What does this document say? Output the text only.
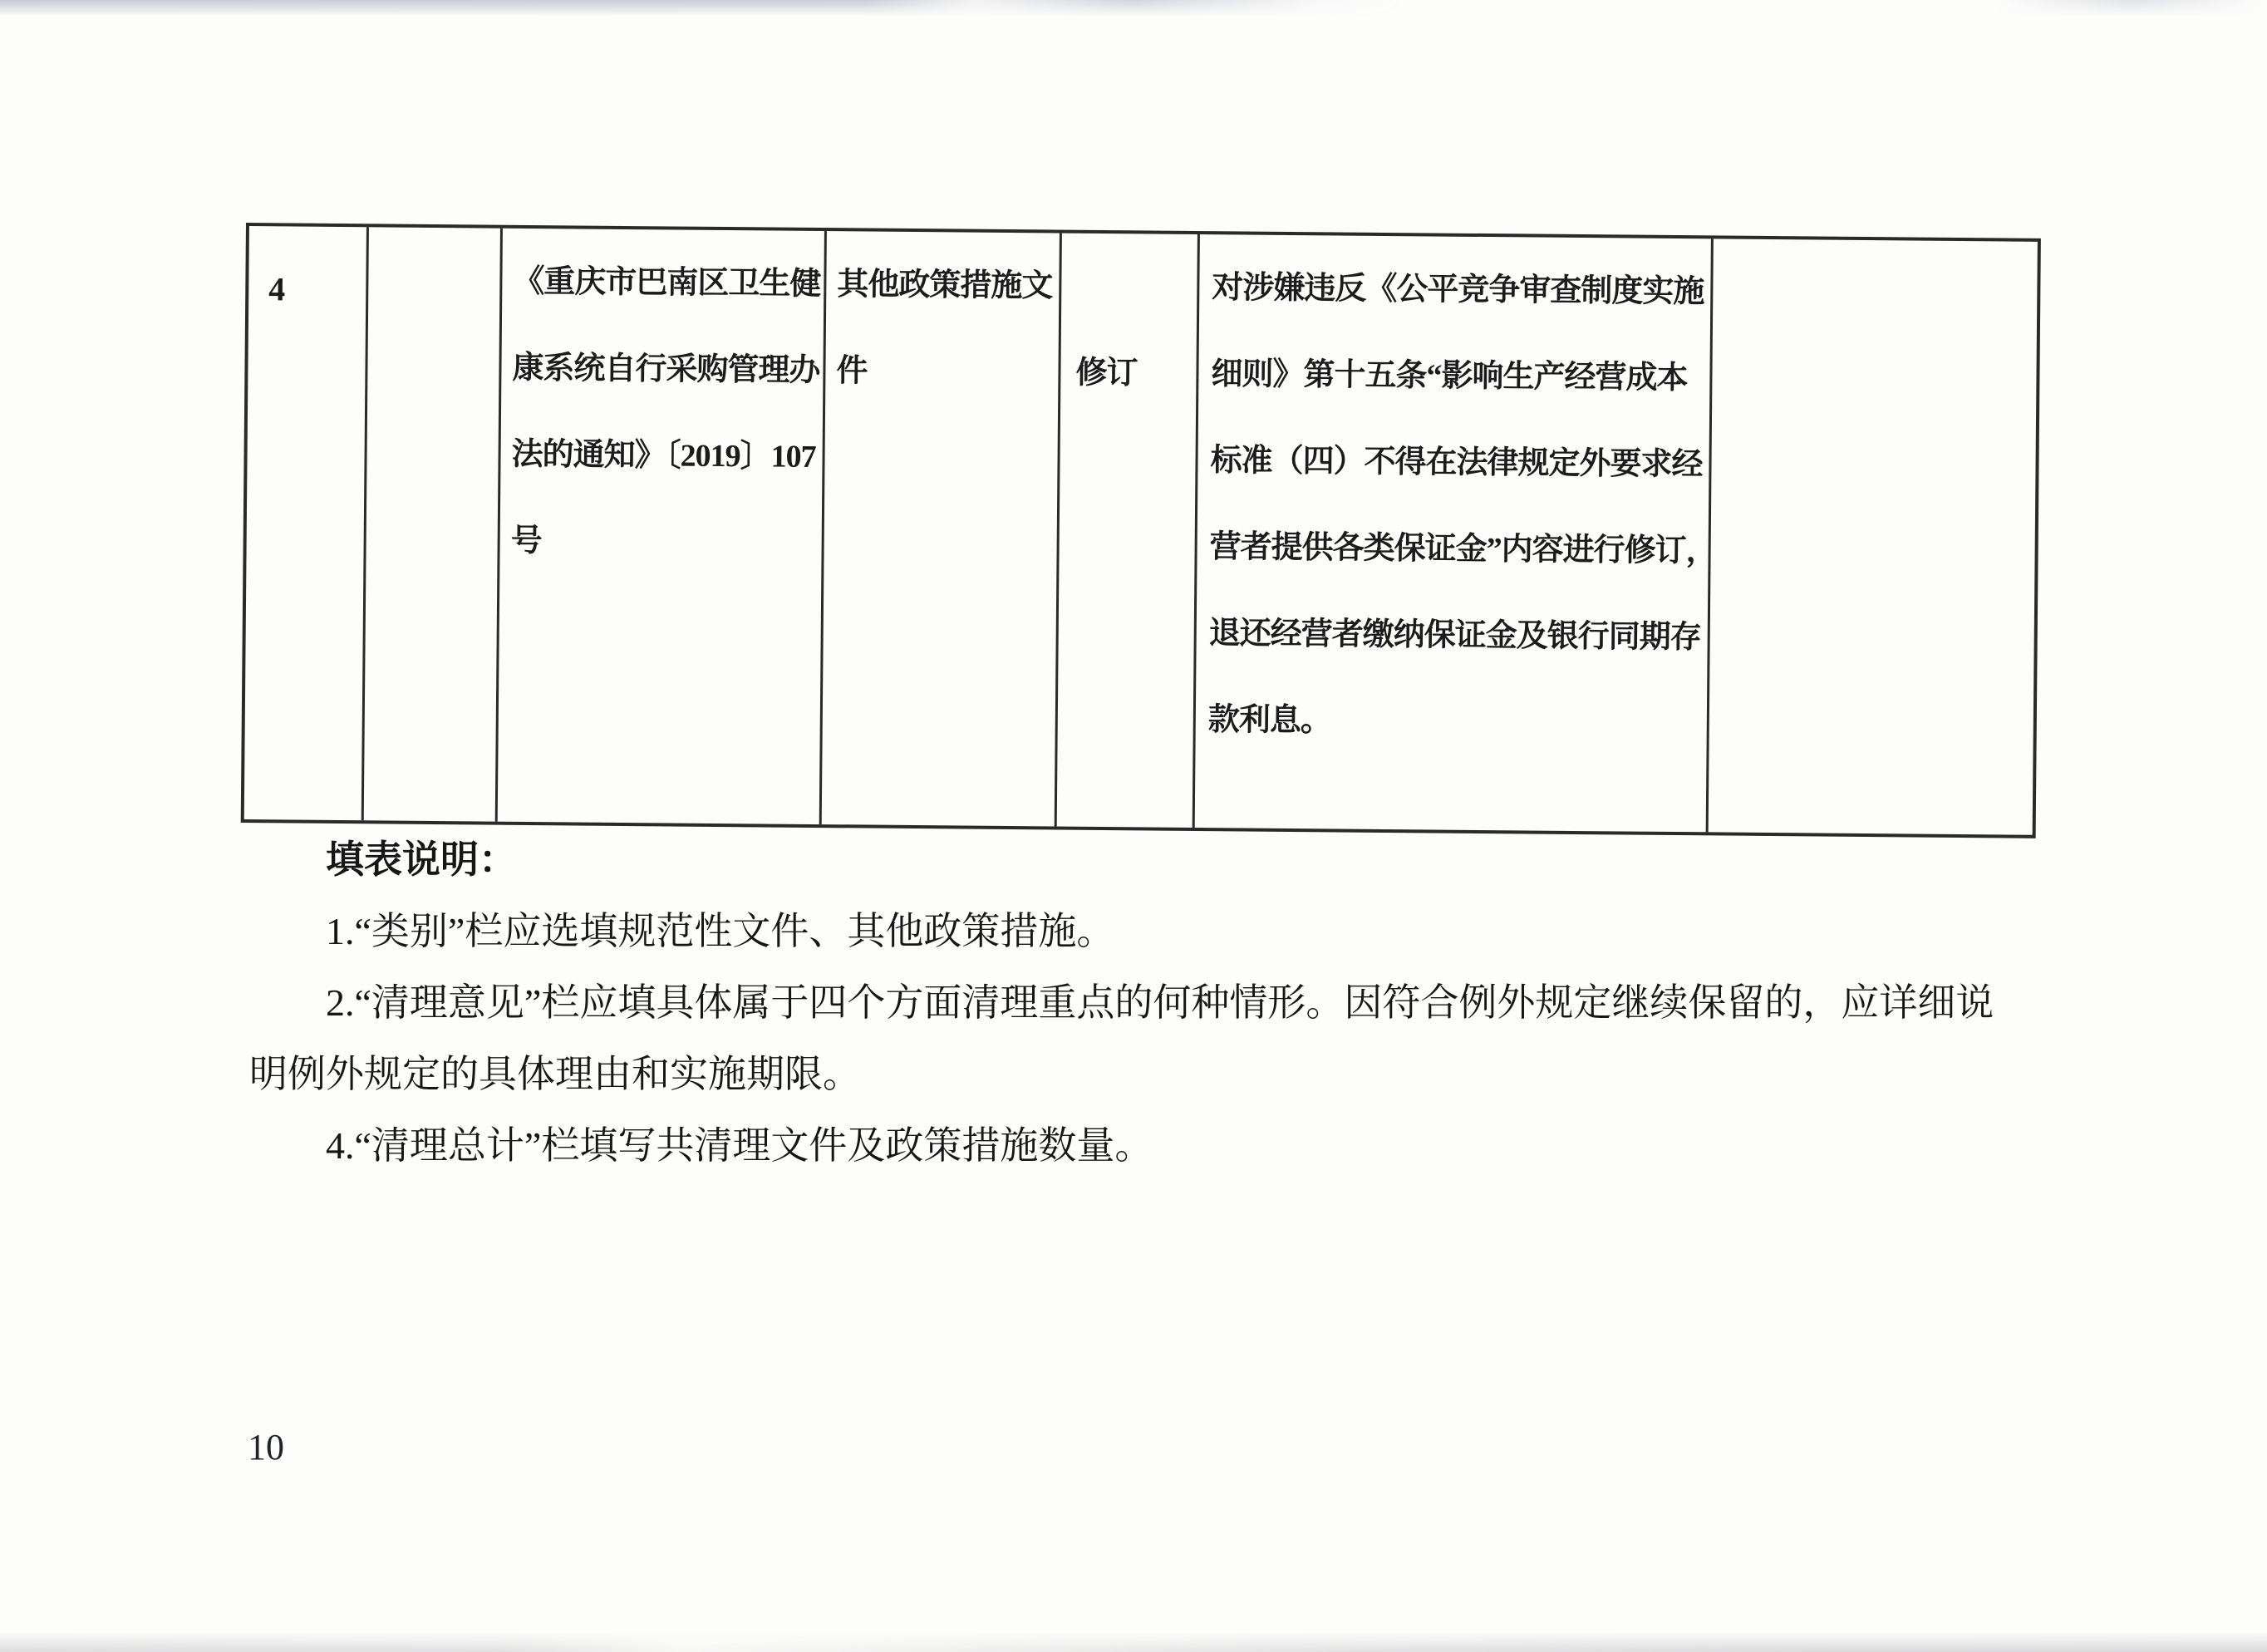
4	《重庆市巴南区卫生健
康系统自行采购管理办
法的通知》〔2019〕107
号
其他政策措施文
件	修订
对涉嫌违反《公平竞争审查制度实施
细则》第十五条“影响生产经营成本
标准（四）不得在法律规定外要求经
营者提供各类保证金”内容进行修订，
退还经营者缴纳保证金及银行同期存
款利息。
填表说明：
1.“类别”栏应选填规范性文件、其他政策措施。
2.“清理意见”栏应填具体属于四个方面清理重点的何种情形。因符合例外规定继续保留的，应详细说
明例外规定的具体理由和实施期限。
4.“清理总计”栏填写共清理文件及政策措施数量。
10
